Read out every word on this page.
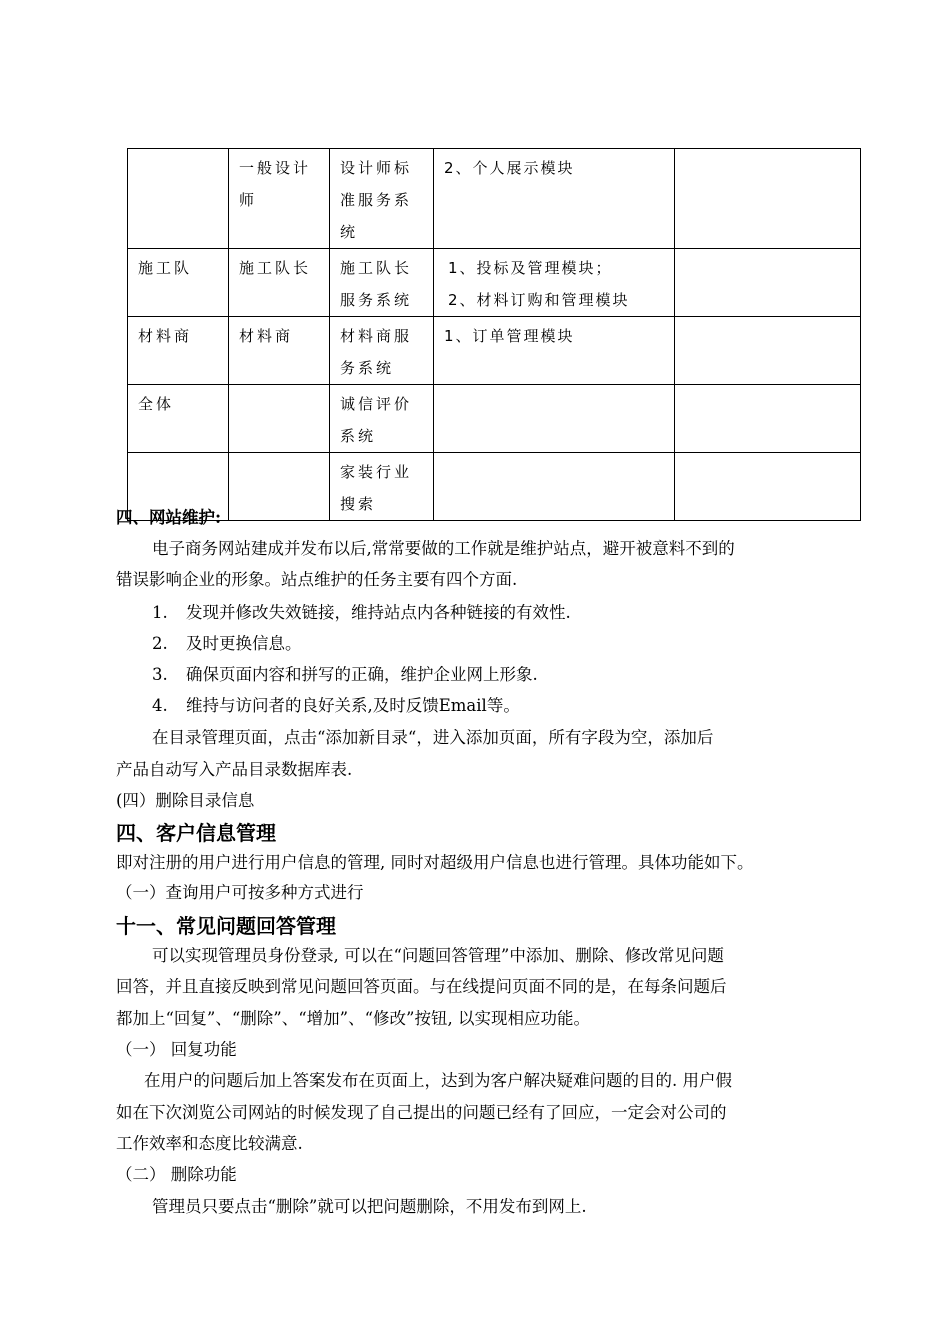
	一般设计师	设计师标准服务系统	2、个人展示模块	

施工队	施工队长	施工队长服务系统	1、投标及管理模块；
2、材料订购和管理模块	

材料商	材料商	材料商服务系统	1、订单管理模块	

全体		诚信评价系统		
		家装行业搜索		
四、网站维护:
电子商务网站建成并发布以后,常常要做的工作就是维护站点，避开被意料不到的
错误影响企业的形象。站点维护的任务主要有四个方面.
1. 发现并修改失效链接，维持站点内各种链接的有效性.
2. 及时更换信息。
3. 确保页面内容和拼写的正确，维护企业网上形象.
4. 维持与访问者的良好关系,及时反馈Email等。
在目录管理页面，点击“添加新目录“，进入添加页面，所有字段为空，添加后
产品自动写入产品目录数据库表.
(四）删除目录信息
四、客户信息管理
即对注册的用户进行用户信息的管理, 同时对超级用户信息也进行管理。具体功能如下。
（一）查询用户可按多种方式进行
十一、常见问题回答管理
可以实现管理员身份登录, 可以在“问题回答管理”中添加、删除、修改常见问题
回答，并且直接反映到常见问题回答页面。与在线提问页面不同的是，在每条问题后
都加上“回复”、“删除”、“增加”、“修改”按钮, 以实现相应功能。
（一） 回复功能
在用户的问题后加上答案发布在页面上，达到为客户解决疑难问题的目的. 用户假
如在下次浏览公司网站的时候发现了自己提出的问题已经有了回应，一定会对公司的
工作效率和态度比较满意.
（二） 删除功能
管理员只要点击“删除”就可以把问题删除，不用发布到网上.
